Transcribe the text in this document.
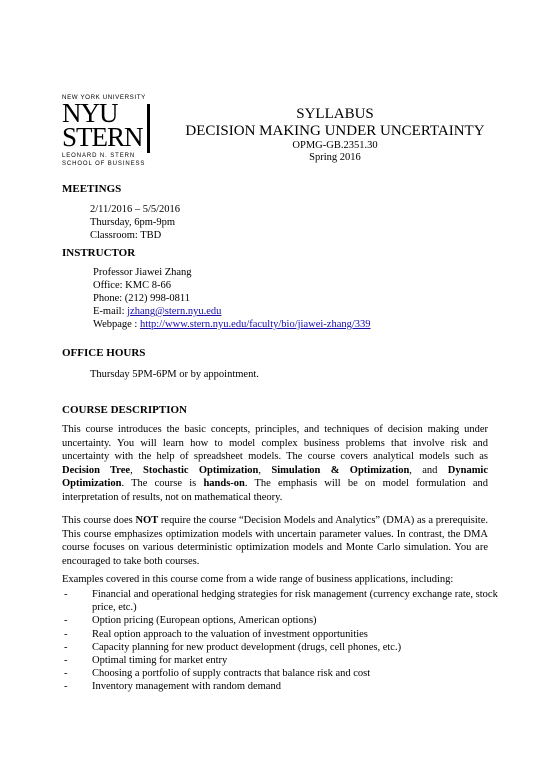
NEW YORK UNIVERSITY
NYU
STERN
LEONARD N. STERN
SCHOOL OF BUSINESS
SYLLABUS
DECISION MAKING UNDER UNCERTAINTY
OPMG-GB.2351.30
Spring 2016
MEETINGS
2/11/2016 – 5/5/2016
Thursday, 6pm-9pm
Classroom: TBD
INSTRUCTOR
Professor Jiawei Zhang
Office: KMC 8-66
Phone: (212) 998-0811
E-mail: jzhang@stern.nyu.edu
Webpage : http://www.stern.nyu.edu/faculty/bio/jiawei-zhang/339
OFFICE HOURS
Thursday 5PM-6PM or by appointment.
COURSE DESCRIPTION
This course introduces the basic concepts, principles, and techniques of decision making under uncertainty. You will learn how to model complex business problems that involve risk and uncertainty with the help of spreadsheet models. The course covers analytical models such as Decision Tree, Stochastic Optimization, Simulation & Optimization, and Dynamic Optimization. The course is hands-on. The emphasis will be on model formulation and interpretation of results, not on mathematical theory.
This course does NOT require the course “Decision Models and Analytics” (DMA) as a prerequisite. This course emphasizes optimization models with uncertain parameter values. In contrast, the DMA course focuses on various deterministic optimization models and Monte Carlo simulation. You are encouraged to take both courses.
Examples covered in this course come from a wide range of business applications, including:
- Financial and operational hedging strategies for risk management (currency exchange rate, stock price, etc.)
- Option pricing (European options, American options)
- Real option approach to the valuation of investment opportunities
- Capacity planning for new product development (drugs, cell phones, etc.)
- Optimal timing for market entry
- Choosing a portfolio of supply contracts that balance risk and cost
- Inventory management with random demand
